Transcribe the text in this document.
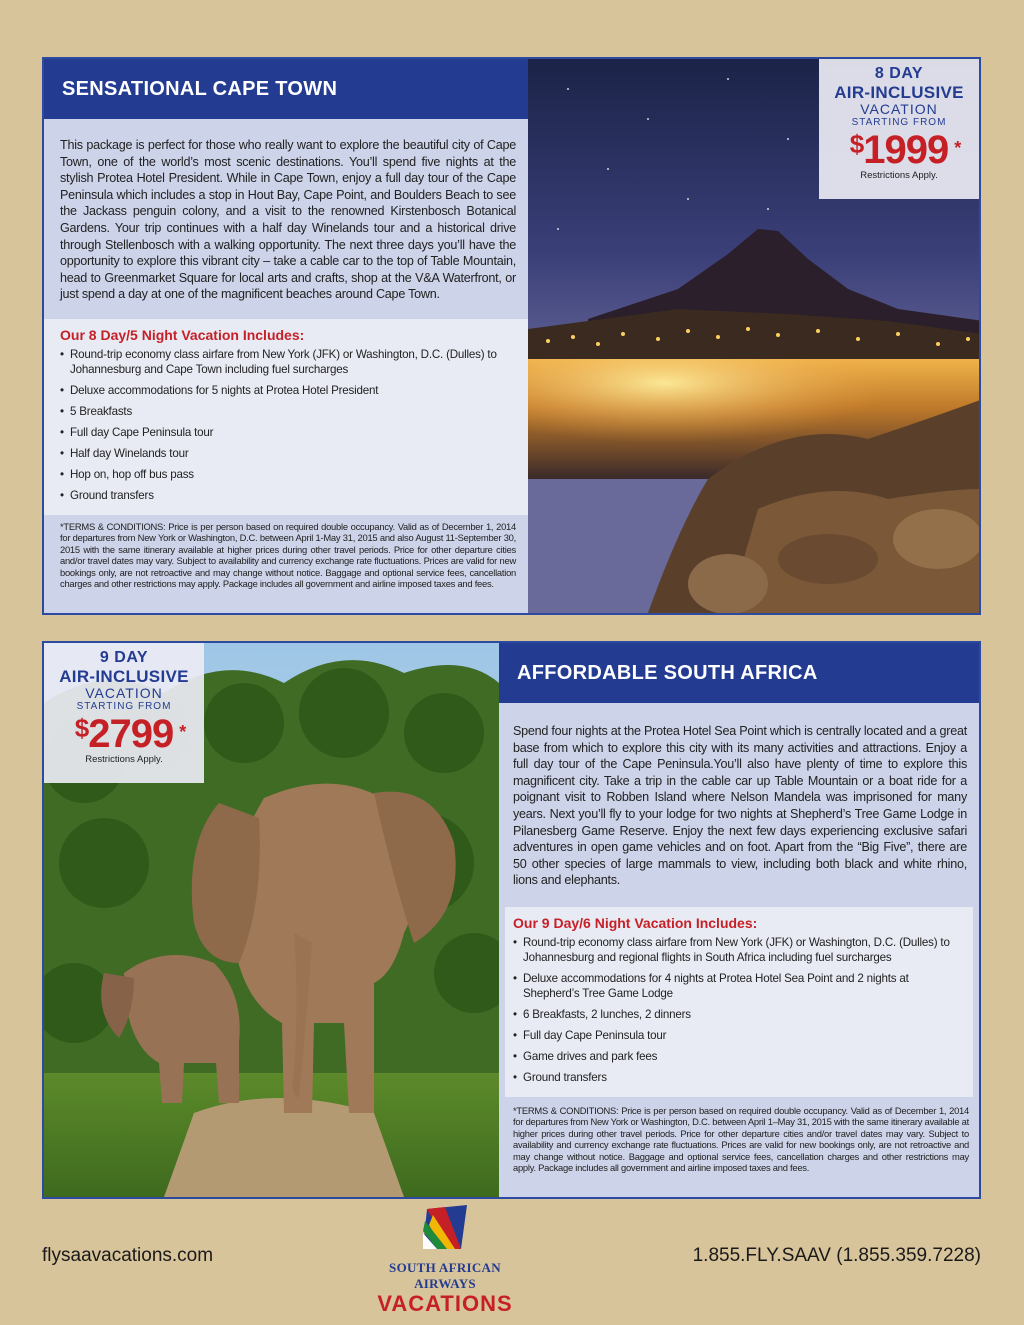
SENSATIONAL CAPE TOWN
This package is perfect for those who really want to explore the beautiful city of Cape Town, one of the world’s most scenic destinations. You’ll spend five nights at the stylish Protea Hotel President. While in Cape Town, enjoy a full day tour of the Cape Peninsula which includes a stop in Hout Bay, Cape Point, and Boulders Beach to see the Jackass penguin colony, and a visit to the renowned Kirstenbosch Botanical Gardens. Your trip continues with a half day Winelands tour and a historical drive through Stellenbosch with a walking opportunity. The next three days you’ll have the opportunity to explore this vibrant city – take a cable car to the top of Table Mountain, head to Greenmarket Square for local arts and crafts, shop at the V&A Waterfront, or just spend a day at one of the magnificent beaches around Cape Town.
Our 8 Day/5 Night Vacation Includes:
• Round-trip economy class airfare from New York (JFK) or Washington, D.C. (Dulles) to Johannesburg and Cape Town including fuel surcharges
• Deluxe accommodations for 5 nights at Protea Hotel President
• 5 Breakfasts
• Full day Cape Peninsula tour
• Half day Winelands tour
• Hop on, hop off bus pass
• Ground transfers
*TERMS & CONDITIONS: Price is per person based on required double occupancy. Valid as of December 1, 2014 for departures from New York or Washington, D.C. between April 1-May 31, 2015 and also August 11-September 30, 2015 with the same itinerary available at higher prices during other travel periods. Price for other departure cities and/or travel dates may vary. Subject to availability and currency exchange rate fluctuations. Prices are valid for new bookings only, are not retroactive and may change without notice. Baggage and optional service fees, cancellation charges and other restrictions may apply. Package includes all government and airline imposed taxes and fees.
8 DAY
AIR-INCLUSIVE
VACATION
STARTING FROM
$1999 *
Restrictions Apply.
9 DAY
AIR-INCLUSIVE
VACATION
STARTING FROM
$2799 *
Restrictions Apply.
AFFORDABLE SOUTH AFRICA
Spend four nights at the Protea Hotel Sea Point which is centrally located and a great base from which to explore this city with its many activities and attractions. Enjoy a full day tour of the Cape Peninsula.You’ll also have plenty of time to explore this magnificent city. Take a trip in the cable car up Table Mountain or a boat ride for a poignant visit to Robben Island where Nelson Mandela was imprisoned for many years. Next you’ll fly to your lodge for two nights at Shepherd’s Tree Game Lodge in Pilanesberg Game Reserve. Enjoy the next few days experiencing exclusive safari adventures in open game vehicles and on foot. Apart from the “Big Five”, there are 50 other species of large mammals to view, including both black and white rhino, lions and elephants.
Our 9 Day/6 Night Vacation Includes:
• Round-trip economy class airfare from New York (JFK) or Washington, D.C. (Dulles) to Johannesburg and regional flights in South Africa including fuel surcharges
• Deluxe accommodations for 4 nights at Protea Hotel Sea Point and 2 nights at Shepherd’s Tree Game Lodge
• 6 Breakfasts, 2 lunches, 2 dinners
• Full day Cape Peninsula tour
• Game drives and park fees
• Ground transfers
*TERMS & CONDITIONS: Price is per person based on required double occupancy. Valid as of December 1, 2014 for departures from New York or Washington, D.C. between April 1–May 31, 2015 with the same itinerary available at higher prices during other travel periods. Price for other departure cities and/or travel dates may vary. Subject to availability and currency exchange rate fluctuations. Prices are valid for new bookings only, are not retroactive and may change without notice. Baggage and optional service fees, cancellation charges and other restrictions may apply. Package includes all government and airline imposed taxes and fees.
flysaavacations.com
SOUTH AFRICAN AIRWAYS
VACATIONS
1.855.FLY.SAAV (1.855.359.7228)
